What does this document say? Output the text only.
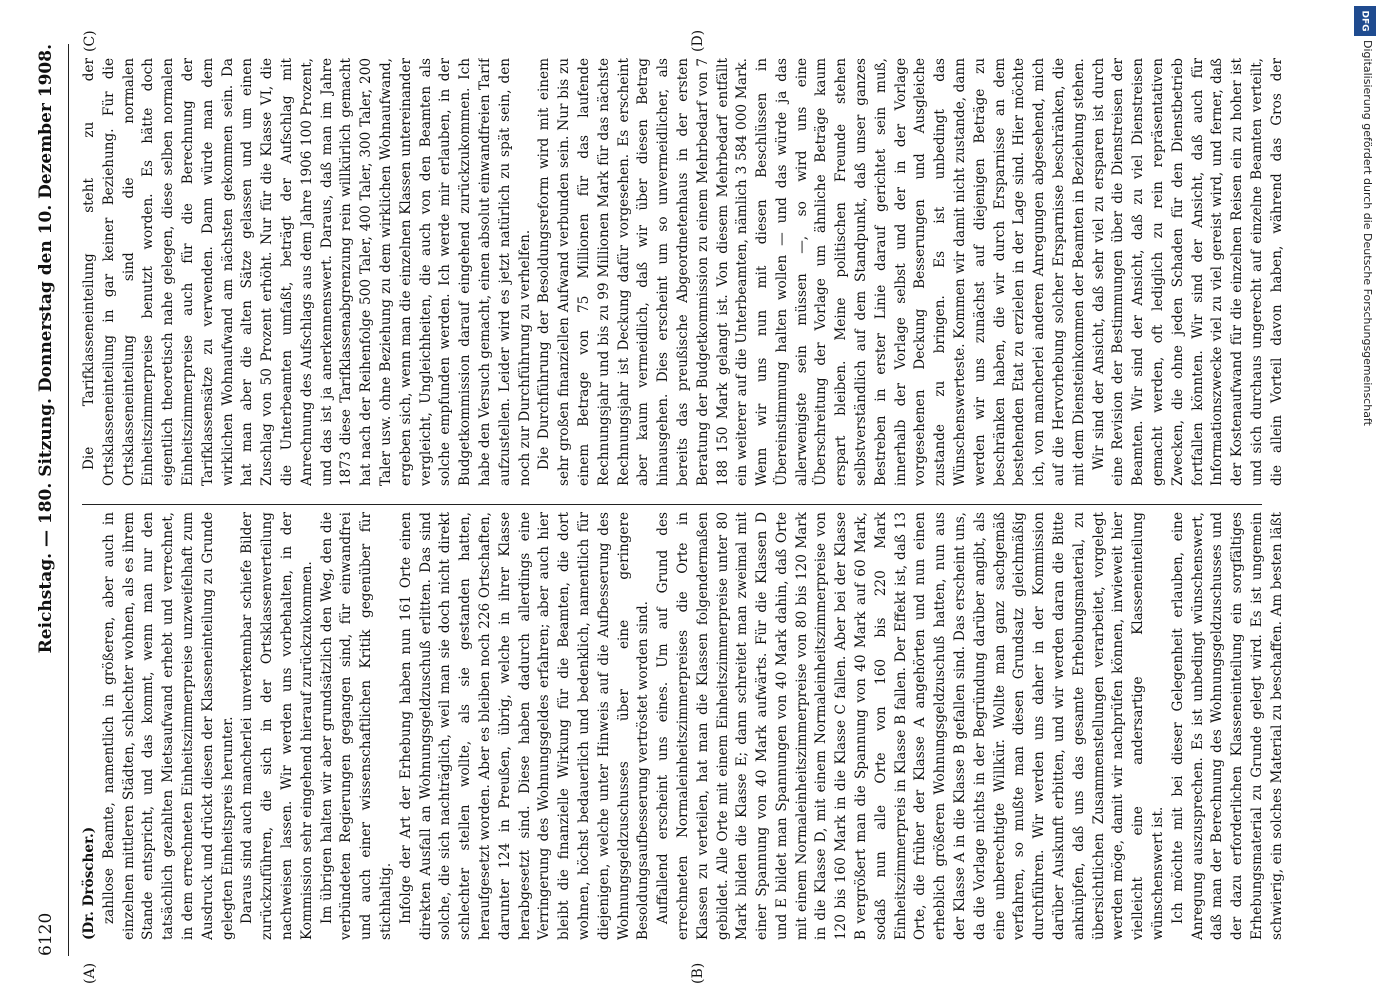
6120
Reichstag. — 180. Sitzung. Donnerstag den 10. Dezember 1908.
(A)	(B)
(C)	(D)

(Dr. Dröscher.) zahllose Beamte, namentlich in größeren, aber auch in einzelnen mittleren Städten, schlechter wohnen, als es ihrem Stande entspricht, und das kommt, wenn man nur den tatsächlich gezahlten Mietsaufwand erhebt und verrechnet, in dem errechneten Einheitszimmerpreise unzweifelhaft zum Ausdruck und drückt diesen der Klasseneinteilung zu Grunde gelegten Einheitspreis herunter. Daraus sind auch mancherlei unverkennbar schiefe Bilder zurückzuführen, die sich in der Ortsklassenverteilung nachweisen lassen. Wir werden uns vorbehalten, in der Kommission sehr eingehend hierauf zurückzukommen. Im übrigen halten wir aber grundsätzlich den Weg, den die verbündeten Regierungen gegangen sind, für einwandfrei und auch einer wissenschaftlichen Kritik gegenüber für stichhaltig. Infolge der Art der Erhebung haben nun 161 Orte einen direkten Ausfall an Wohnungsgeldzuschuß erlitten. Das sind solche, die sich nachträglich, weil man sie doch nicht direkt schlechter stellen wollte, als sie gestanden hatten, heraufgesetzt worden. Aber es bleiben noch 226 Ortschaften, darunter 124 in Preußen, übrig, welche in ihrer Klasse herabgesetzt sind. Diese haben dadurch allerdings eine Verringerung des Wohnungsgeldes erfahren; aber auch hier bleibt die finanzielle Wirkung für die Beamten, die dort wohnen, höchst bedauerlich und bedenklich, namentlich für diejenigen, welche unter Hinweis auf die Aufbesserung des Wohnungsgeldzuschusses über eine geringere Besoldungsaufbesserung vertröstet worden sind. Auffallend erscheint uns eines. Um auf Grund des errechneten Normaleinheitszimmerpreises die Orte in Klassen zu verteilen, hat man die Klassen folgendermaßen gebildet. Alle Orte mit einem Einheitszimmerpreise unter 80 Mark bilden die Klasse E; dann schreitet man zweimal mit einer Spannung von 40 Mark aufwärts. Für die Klassen D und E bildet man Spannungen von 40 Mark dahin, daß Orte mit einem Normaleinheitszimmerpreise von 80 bis 120 Mark in die Klasse D, mit einem Normaleinheitszimmerpreise von 120 bis 160 Mark in die Klasse C fallen. Aber bei der Klasse B vergrößert man die Spannung von 40 Mark auf 60 Mark, sodaß nun alle Orte von 160 bis 220 Mark Einheitszimmerpreis in Klasse B fallen. Der Effekt ist, daß 13 Orte, die früher der Klasse A angehörten und nun einen erheblich größeren Wohnungsgeldzuschuß hatten, nun aus der Klasse A in die Klasse B gefallen sind. Das erscheint uns, da die Vorlage nichts in der Begründung darüber angibt, als eine unberechtigte Willkür. Wollte man ganz sachgemäß verfahren, so mußte man diesen Grundsatz gleichmäßig durchführen. Wir werden uns daher in der Kommission darüber Auskunft erbitten, und wir werden daran die Bitte anknüpfen, daß uns das gesamte Erhebungsmaterial, zu übersichtlichen Zusammenstellungen verarbeitet, vorgelegt werden möge, damit wir nachprüfen können, inwieweit hier vielleicht eine andersartige Klasseneinteilung wünschenswert ist. Ich möchte mit bei dieser Gelegenheit erlauben, eine Anregung auszusprechen. Es ist unbedingt wünschenswert, daß man der Berechnung des Wohnungsgeldzuschusses und der dazu erforderlichen Klasseneinteilung ein sorgfältiges Erhebungsmaterial zu Grunde gelegt wird. Es ist ungemein schwierig, ein solches Material zu beschaffen. Am besten läßt

Die Tarifklasseneinteilung steht zu der Ortsklasseneinteilung in gar keiner Beziehung. Für die Ortsklasseneinteilung sind die normalen Einheitszimmerpreise benutzt worden. Es hätte doch eigentlich theoretisch nahe gelegen, diese selben normalen Einheitszimmerpreise auch für die Berechnung der Tarifklassensätze zu verwenden. Dann würde man dem wirklichen Wohnaufwand am nächsten gekommen sein. Da hat man aber die alten Sätze gelassen und um einen Zuschlag von 50 Prozent erhöht. Nur für die Klasse VI, die die Unterbeamten umfaßt, beträgt der Aufschlag mit Anrechnung des Aufschlags aus dem Jahre 1906 100 Prozent, und das ist ja anerkennenswert. Daraus, daß man im Jahre 1873 diese Tarifklassenabgrenzung rein willkürlich gemacht hat nach der Reihenfolge 500 Taler, 400 Taler, 300 Taler, 200 Taler usw. ohne Beziehung zu dem wirklichen Wohnaufwand, ergeben sich, wenn man die einzelnen Klassen untereinander vergleicht, Ungleichheiten, die auch von den Beamten als solche empfunden werden. Ich werde mir erlauben, in der Budgetkommission darauf eingehend zurückzukommen. Ich habe den Versuch gemacht, einen absolut einwandfreien Tarif aufzustellen. Leider wird es jetzt natürlich zu spät sein, den noch zur Durchführung zu verhelfen. Die Durchführung der Besoldungsreform wird mit einem sehr großen finanziellen Aufwand verbunden sein. Nur bis zu einem Betrage von 75 Millionen für das laufende Rechnungsjahr und bis zu 99 Millionen Mark für das nächste Rechnungsjahr ist Deckung dafür vorgesehen. Es erscheint aber kaum vermeidlich, daß wir über diesen Betrag hinausgehen. Dies erscheint um so unvermeidlicher, als bereits das preußische Abgeordnetenhaus in der ersten Beratung der Budgetkommission zu einem Mehrbedarf von 7 188 150 Mark gelangt ist. Von diesem Mehrbedarf entfällt ein weiterer auf die Unterbeamten, nämlich 3 584 000 Mark. Wenn wir uns nun mit diesen Beschlüssen in Übereinstimmung halten wollen — und das würde ja das allerwenigste sein müssen —, so wird uns eine Überschreitung der Vorlage um ähnliche Beträge kaum erspart bleiben. Meine politischen Freunde stehen selbstverständlich auf dem Standpunkt, daß unser ganzes Bestreben in erster Linie darauf gerichtet sein muß, innerhalb der Vorlage selbst und der in der Vorlage vorgesehenen Deckung Besserungen und Ausgleiche zustande zu bringen. Es ist unbedingt das Wünschenswerteste. Kommen wir damit nicht zustande, dann werden wir uns zunächst auf diejenigen Beträge zu beschränken haben, die wir durch Ersparnisse an dem bestehenden Etat zu erzielen in der Lage sind. Hier möchte ich, von mancherlei anderen Anregungen abgesehend, mich auf die Hervorhebung solcher Ersparnisse beschränken, die mit dem Diensteinkommen der Beamten in Beziehung stehen. Wir sind der Ansicht, daß sehr viel zu ersparen ist durch eine Revision der Bestimmungen über die Dienstreisen der Beamten. Wir sind der Ansicht, daß zu viel Dienstreisen gemacht werden, oft lediglich zu rein repräsentativen Zwecken, die ohne jeden Schaden für den Dienstbetrieb fortfallen könnten. Wir sind der Ansicht, daß auch für Informationszwecke viel zu viel gereist wird, und ferner, daß der Kostenaufwand für die einzelnen Reisen ein zu hoher ist und sich durchaus ungerecht auf einzelne Beamten verteilt, die allein Vorteil davon haben, während das Gros der

DFG
Digitalisierung gefördert durch die Deutsche Forschungsgemeinschaft
